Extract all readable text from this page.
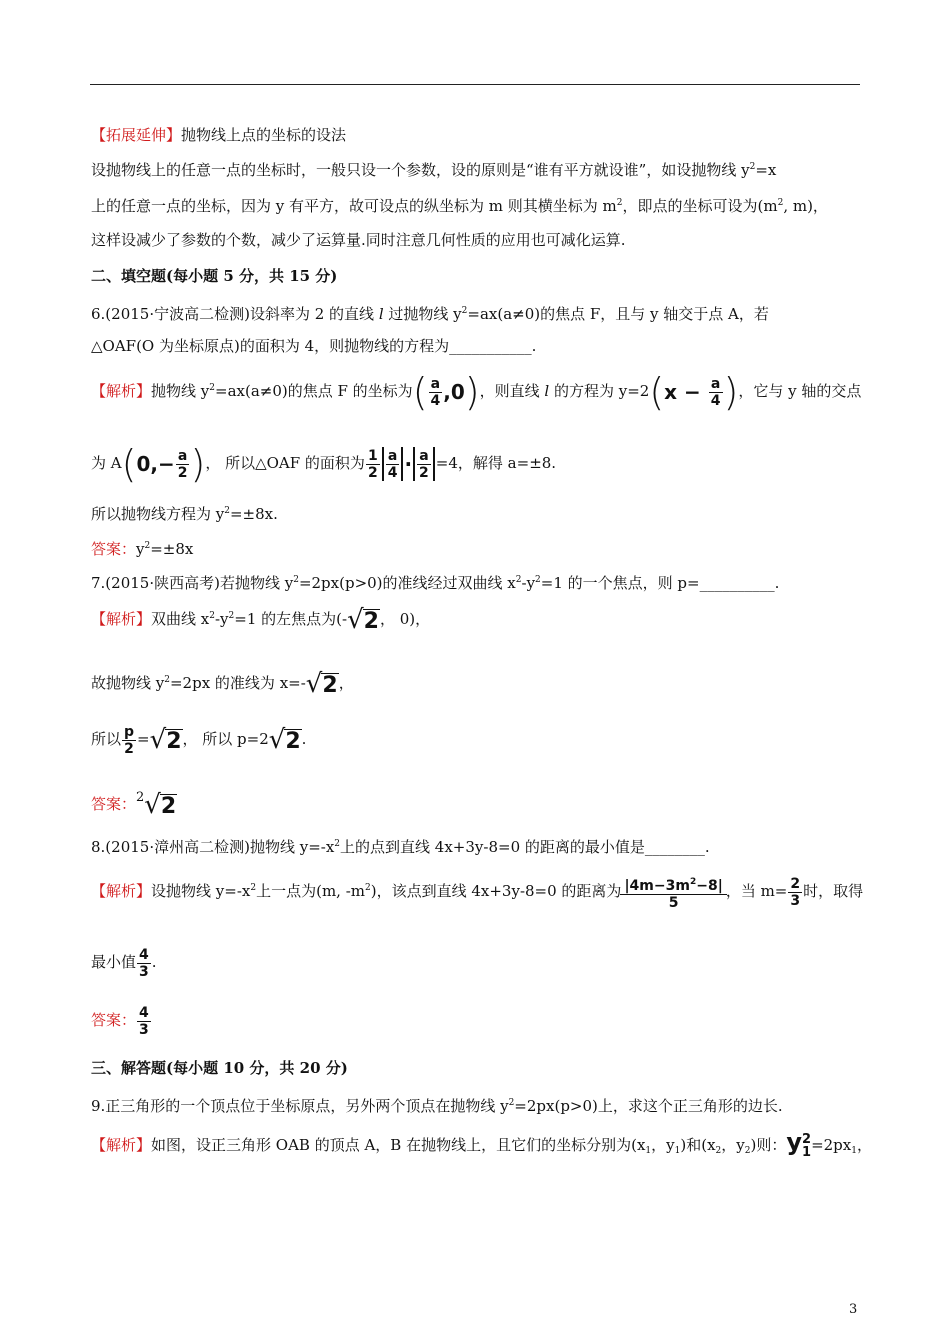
【拓展延伸】抛物线上点的坐标的设法
设抛物线上的任意一点的坐标时，一般只设一个参数，设的原则是“谁有平方就设谁”，如设抛物线 $y^2=x$
上的任意一点的坐标，因为 y 有平方，故可设点的纵坐标为 m 则其横坐标为 $m^2$，即点的坐标可设为($m^2$, m)，
这样设减少了参数的个数，减少了运算量.同时注意几何性质的应用也可减化运算.
二、填空题(每小题 5 分，共 15 分)
6.(2015·宁波高二检测)设斜率为 2 的直线 l 过抛物线 $y^2=ax(a\ne 0)$的焦点 F，且与 y 轴交于点 A，若
△OAF(O 为坐标原点)的面积为 4，则抛物线的方程为___________.
【解析】抛物线 $y^2=ax(a\ne 0)$的焦点 F 的坐标为( $\frac{a}{4} ,0$)，则直线 l 的方程为 $y=2(x - \frac{a}{4}$ )，它与 y 轴的交点
为 $A(0,- \frac{a}{2}$ )， 所以△OAF 的面积为 $\frac{1}{2} \frac{a}{4} \cdot \frac{a}{2} =4$，解得 a=±8.
所以抛物线方程为 $y^2=\pm 8x$.
答案：$y^2=\pm 8x$
7.(2015·陕西高考)若抛物线 $y^2=2px(p>0)$的准线经过双曲线 $x^2-y^2=1$ 的一个焦点，则 p=__________.
【解析】双曲线 $x^2-y^2=1$ 的左焦点为(- √ 2 ， 0)，
故抛物线 $y^2=2px$ 的准线为 x=- √ 2 ，
所以 $\frac{p}{2}$ = √ 2 ， 所以 p=2 √ 2 .
答案：2 √ 2
8.(2015·漳州高二检测)抛物线 $y=-x^2$上的点到直线 4x+3y-8=0 的距离的最小值是________.
【解析】设抛物线 $y=-x^2$上一点为(m, $-m^2$)，该点到直线 4x+3y-8=0 的距离为 $\frac{|4m-3m^2-8|}{5}$ ，当 $m= \frac{2}{3}$ 时，取得
最小值 $\frac{4}{3}$ .
答案： $\frac{4}{3}$
三、解答题(每小题 10 分，共 20 分)
9.正三角形的一个顶点位于坐标原点，另外两个顶点在抛物线 $y^2=2px(p>0)$上，求这个正三角形的边长.
【解析】如图，设正三角形 OAB 的顶点 A，B 在抛物线上，且它们的坐标分别为($x_1$，$y_1$)和($x_2$，$y_2$)则：y 2
$1 =2px_1$，
3
